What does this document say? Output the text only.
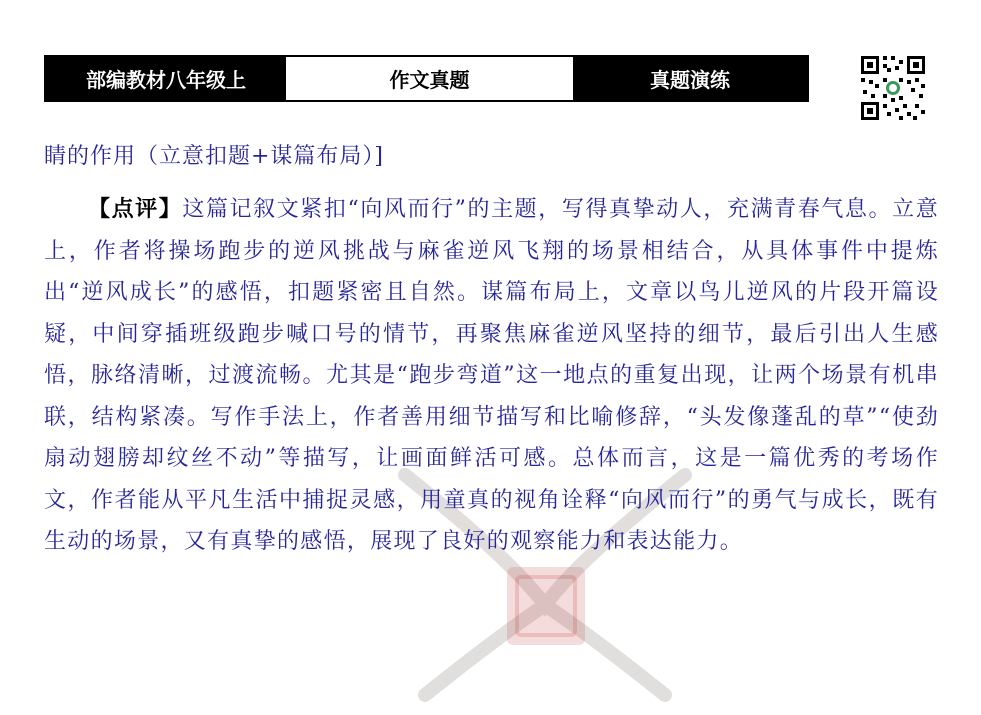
部编教材八年级上	作文真题	真题演练
睛的作用（立意扣题+谋篇布局）]
【点评】这篇记叙文紧扣“向风而行”的主题，写得真挚动人，充满青春气息。立意上，作者将操场跑步的逆风挑战与麻雀逆风飞翔的场景相结合，从具体事件中提炼出“逆风成长”的感悟，扣题紧密且自然。谋篇布局上，文章以鸟儿逆风的片段开篇设疑，中间穿插班级跑步喊口号的情节，再聚焦麻雀逆风坚持的细节，最后引出人生感悟，脉络清晰，过渡流畅。尤其是“跑步弯道”这一地点的重复出现，让两个场景有机串联，结构紧凑。写作手法上，作者善用细节描写和比喻修辞，“头发像蓬乱的草”“使劲扇动翅膀却纹丝不动”等描写，让画面鲜活可感。总体而言，这是一篇优秀的考场作文，作者能从平凡生活中捕捉灵感，用童真的视角诠释“向风而行”的勇气与成长，既有生动的场景，又有真挚的感悟，展现了良好的观察能力和表达能力。
